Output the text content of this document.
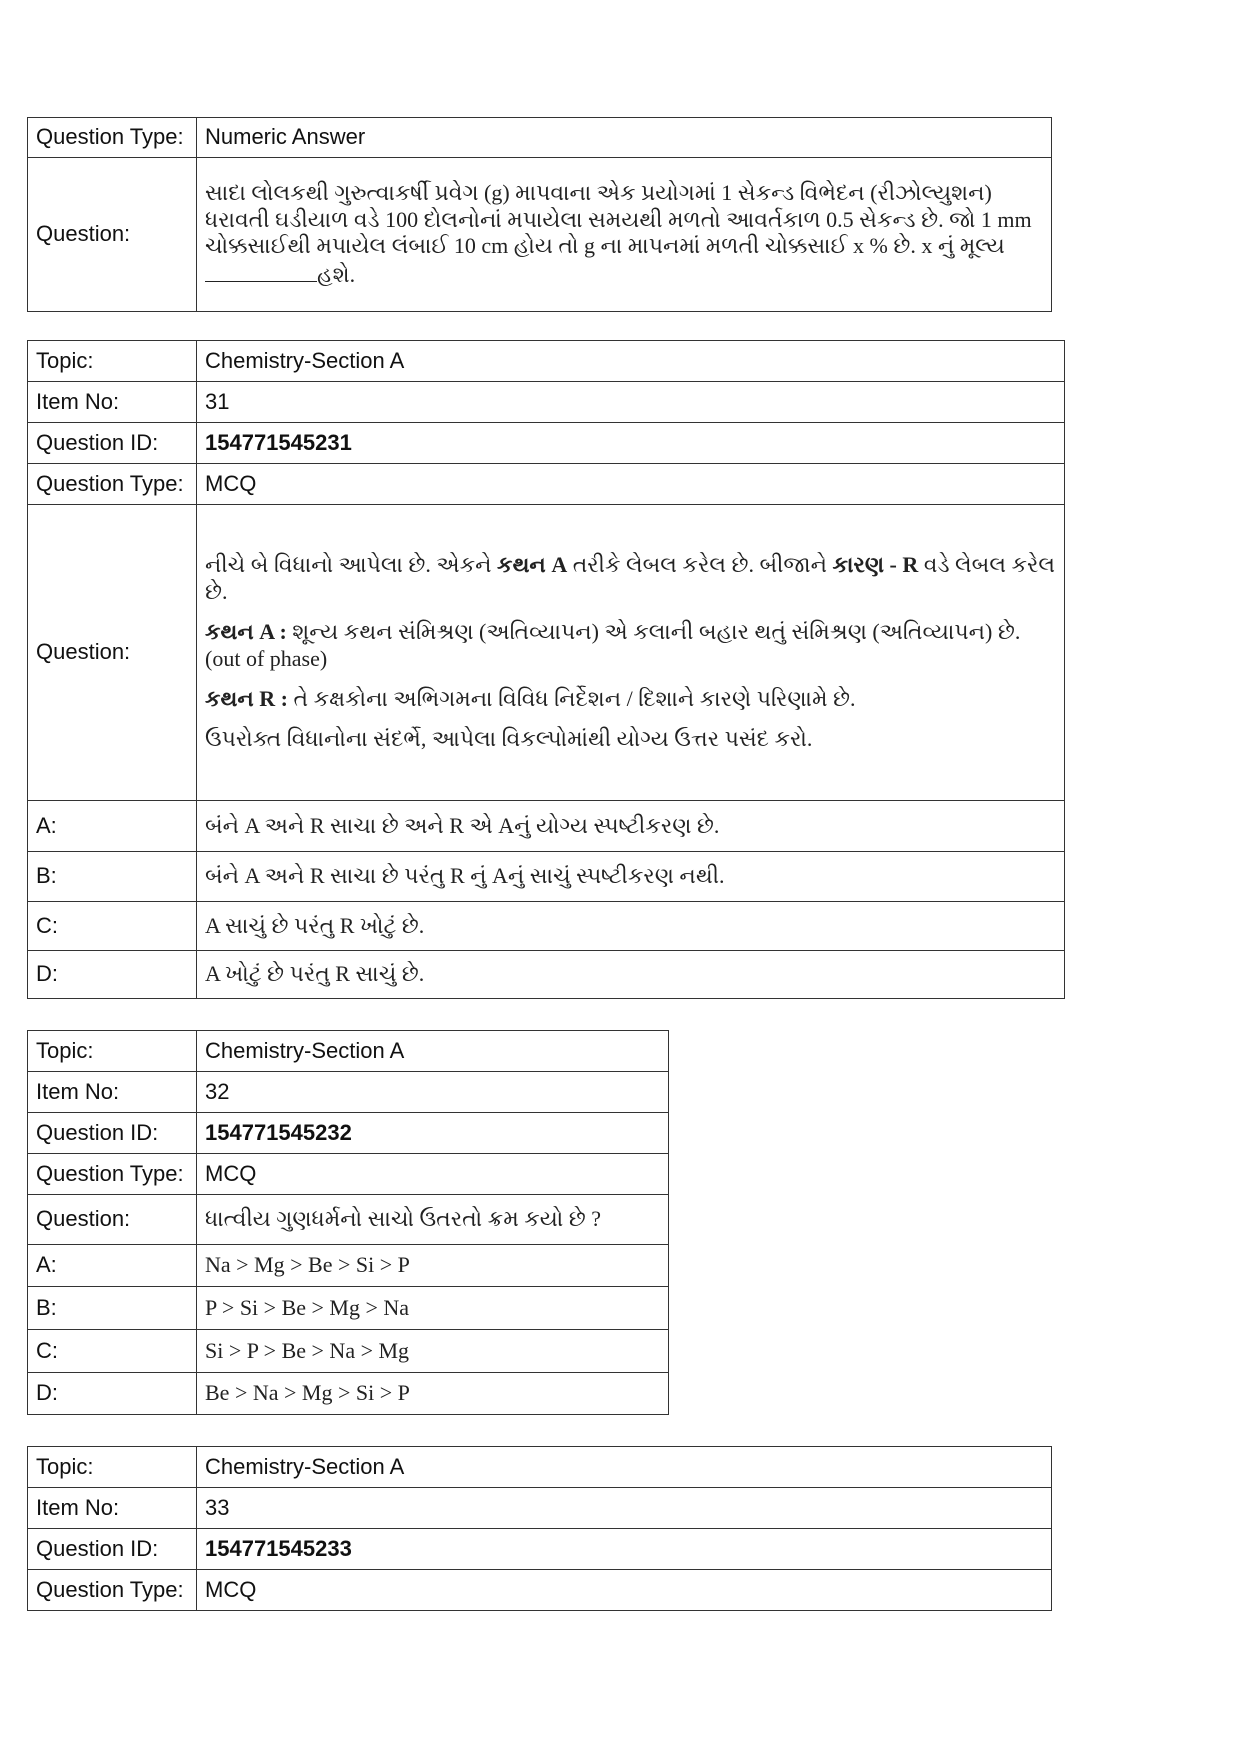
Question Type:	Numeric Answer
Question:	સાદા લોલકથી ગુરુત્વાકર્ષી પ્રવેગ (g) માપવાના એક પ્રયોગમાં 1 સેકન્ડ વિભેદન (રીઝોલ્યુશન) ધરાવતી ઘડીયાળ વડે 100 દોલનોનાં મપાયેલા સમયથી મળતો આવર્તકાળ 0.5 સેકન્ડ છે. જો 1 mm ચોક્કસાઈથી મપાયેલ લંબાઈ 10 cm હોય તો g ના માપનમાં મળતી ચોક્કસાઈ x % છે. x નું મૂલ્ય હશે.
Topic:	Chemistry-Section A
Item No:	31
Question ID:	154771545231
Question Type:	MCQ
Question:	નીચે બે વિધાનો આપેલા છે. એકને કથન A તરીકે લેબલ કરેલ છે. બીજાને કારણ - R વડે લેબલ કરેલ છે.

કથન A : શૂન્ય કથન સંમિશ્રણ (અતિવ્યાપન) એ કલાની બહાર થતું સંમિશ્રણ (અતિવ્યાપન) છે. (out of phase)

કથન R : તે કક્ષકોના અભિગમના વિવિધ નિર્દેશન / દિશાને કારણે પરિણામે છે.

ઉપરોક્ત વિધાનોના સંદર્ભે, આપેલા વિકલ્પોમાંથી યોગ્ય ઉત્તર પસંદ કરો.

A:	બંને A અને R સાચા છે અને R એ Aનું યોગ્ય સ્પષ્ટીકરણ છે.
B:	બંને A અને R સાચા છે પરંતુ R નું Aનું સાચું સ્પષ્ટીકરણ નથી.
C:	A સાચું છે પરંતુ R ખોટું છે.
D:	A ખોટું છે પરંતુ R સાચું છે.
Topic:	Chemistry-Section A
Item No:	32
Question ID:	154771545232
Question Type:	MCQ
Question:	ધાત્વીય ગુણધર્મનો સાચો ઉતરતો ક્રમ કયો છે ?
A:	Na > Mg > Be > Si > P
B:	P > Si > Be > Mg > Na
C:	Si > P > Be > Na > Mg
D:	Be > Na > Mg > Si > P
Topic:	Chemistry-Section A
Item No:	33
Question ID:	154771545233
Question Type:	MCQ
